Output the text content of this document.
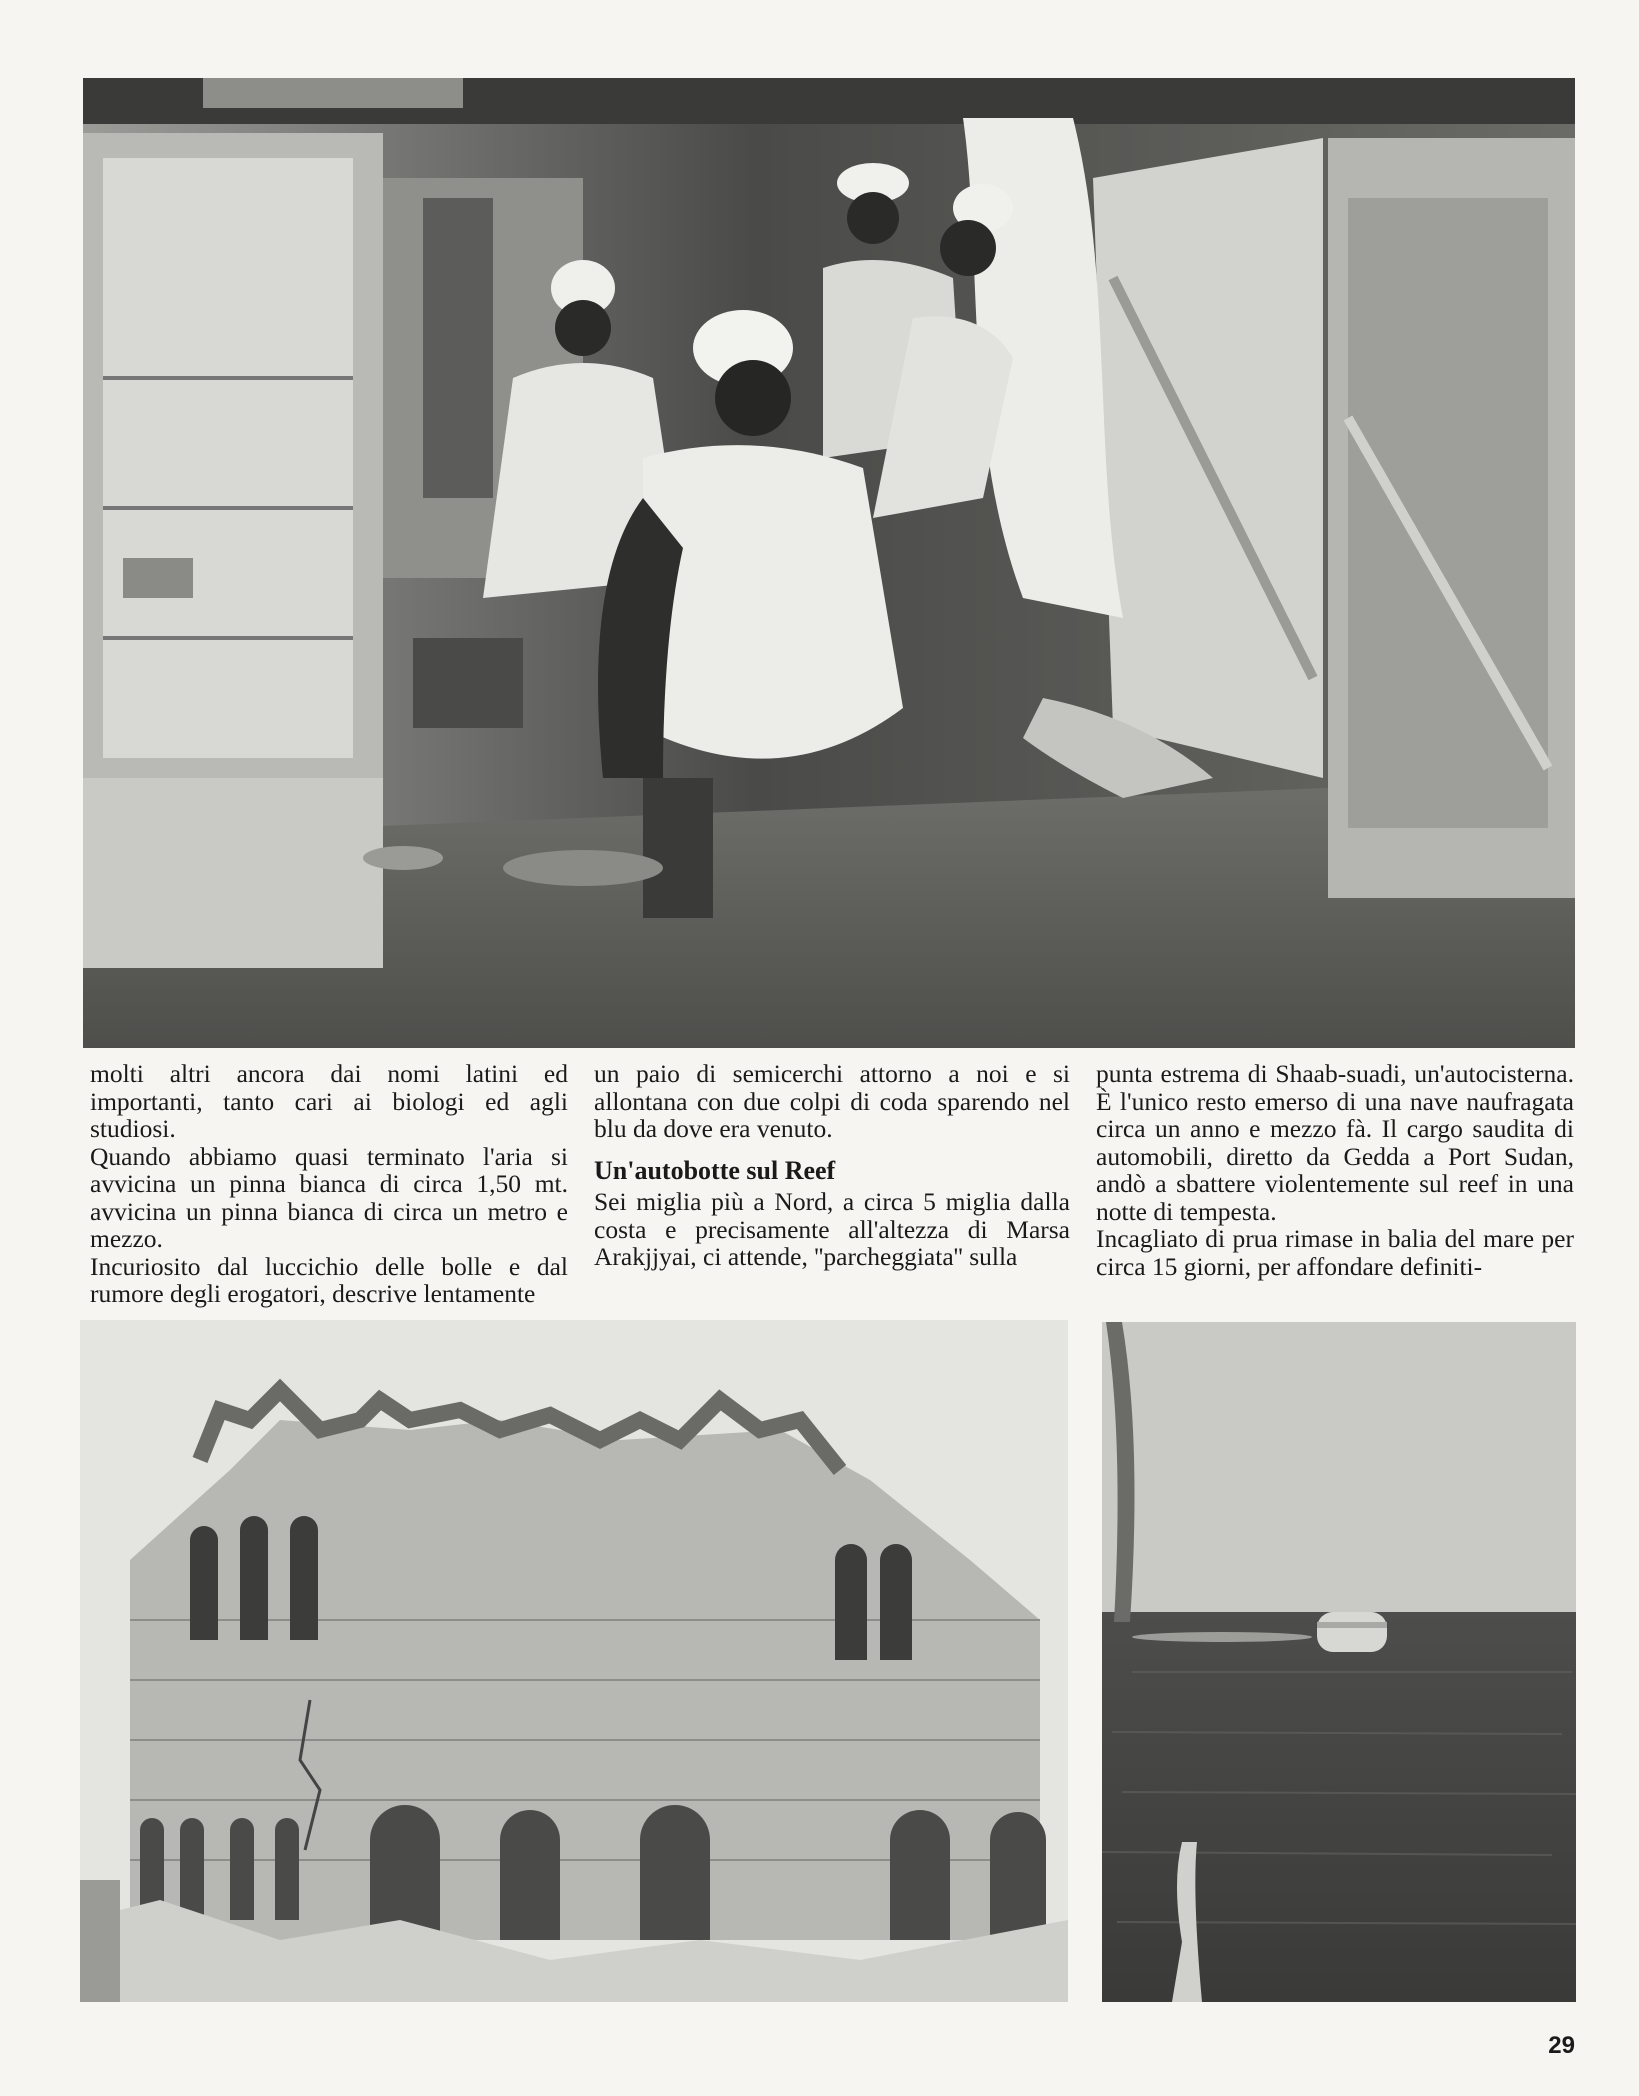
molti altri ancora dai nomi latini ed importanti, tanto cari ai biologi ed agli studiosi.

Quando abbiamo quasi terminato l'aria si avvicina un pinna bianca di circa 1,50 mt. avvicina un pinna bianca di circa un metro e mezzo.

Incuriosito dal luccichio delle bolle e dal rumore degli erogatori, descrive lentamente

un paio di semicerchi attorno a noi e si allontana con due colpi di coda sparendo nel blu da dove era venuto.

Un'autobotte sul Reef

Sei miglia più a Nord, a circa 5 miglia dalla costa e precisamente all'altezza di Marsa Arakjjyai, ci attende, ''parcheggiata'' sulla

punta estrema di Shaab-suadi, un'autocisterna. È l'unico resto emerso di una nave naufragata circa un anno e mezzo fà. Il cargo saudita di automobili, diretto da Gedda a Port Sudan, andò a sbattere violentemente sul reef in una notte di tempesta.

Incagliato di prua rimase in balia del mare per circa 15 giorni, per affondare definiti-

29
